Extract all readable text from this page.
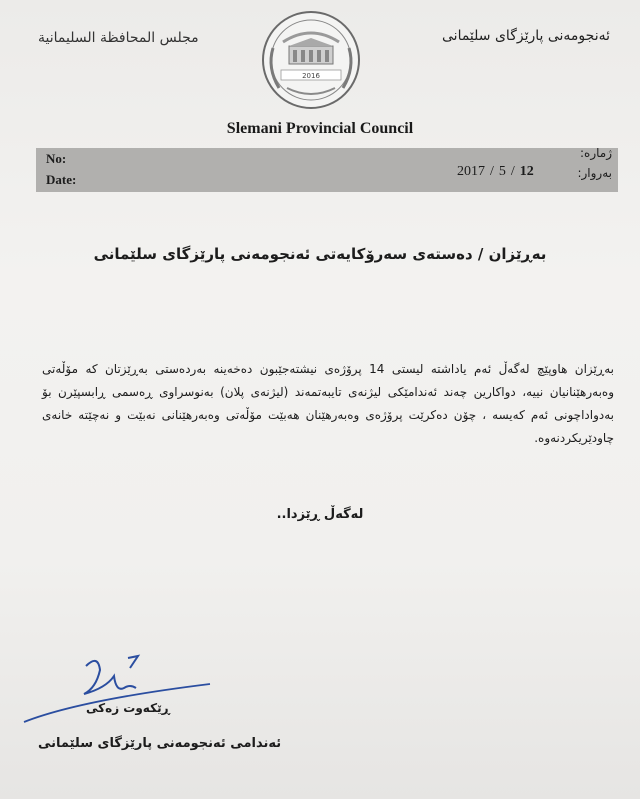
مجلس المحافظة السليمانية	ئەنجومەنی پارێزگای سلێمانی
2016
Slemani Provincial Council
No:
Date:
ژمارە:
بەروار:
2017 / 5 / 12
بەڕێزان / دەستەی سەرۆکایەتی ئەنجومەنی پارێزگای سلێمانی

بەڕێزان هاوپێچ لەگەڵ ئەم یاداشتە لیستی 14 پرۆژەی نیشتەجێبون دەخەینە بەردەستی بەڕێزتان کە مۆڵەتی وەبەرهێنانیان نییە، دواکارین چەند ئەندامێکی لیژنەی تایبەتمەند (لیژنەی پلان) بەنوسراوی ڕەسمی ڕابسپێرن بۆ بەدواداچونی ئەم کەیسە ، چۆن دەکرێت پرۆژەی وەبەرهێنان هەبێت مۆڵەتی وەبەرهێنانی نەبێت و نەچێتە خانەی چاودێریکردنەوە.

لەگەڵ ڕێزدا..
ڕێکەوت زەکی
ئەندامی ئەنجومەنی پارێزگای سلێمانی
